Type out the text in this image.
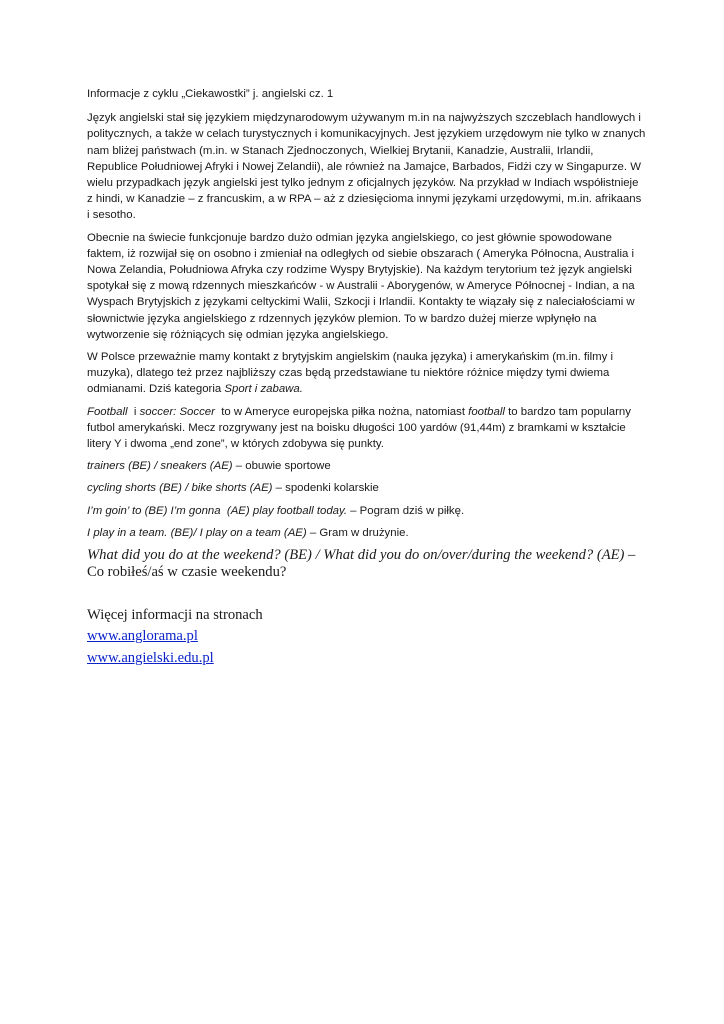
Informacje z cyklu „Ciekawostki” j. angielski cz. 1

Język angielski stał się językiem międzynarodowym używanym m.in na najwyższych szczeblach handlowych i politycznych, a także w celach turystycznych i komunikacyjnych. Jest językiem urzędowym nie tylko w znanych nam bliżej państwach (m.in. w Stanach Zjednoczonych, Wielkiej Brytanii, Kanadzie, Australii, Irlandii, Republice Południowej Afryki i Nowej Zelandii), ale również na Jamajce, Barbados, Fidżi czy w Singapurze. W wielu przypadkach język angielski jest tylko jednym z oficjalnych języków. Na przykład w Indiach współistnieje z hindi, w Kanadzie – z francuskim, a w RPA – aż z dziesięcioma innymi językami urzędowymi, m.in. afrikaans i sesotho.

Obecnie na świecie funkcjonuje bardzo dużo odmian języka angielskiego, co jest głównie spowodowane faktem, iż rozwijał się on osobno i zmieniał na odległych od siebie obszarach ( Ameryka Północna, Australia i Nowa Zelandia, Południowa Afryka czy rodzime Wyspy Brytyjskie). Na każdym terytorium też język angielski spotykał się z mową rdzennych mieszkańców - w Australii - Aborygenów, w Ameryce Północnej - Indian, a na Wyspach Brytyjskich z językami celtyckimi Walii, Szkocji i Irlandii. Kontakty te wiązały się z naleciałościami w słownictwie języka angielskiego z rdzennych języków plemion. To w bardzo dużej mierze wpłynęło na wytworzenie się różniących się odmian języka angielskiego.

W Polsce przeważnie mamy kontakt z brytyjskim angielskim (nauka języka) i amerykańskim (m.in. filmy i muzyka), dlatego też przez najbliższy czas będą przedstawiane tu niektóre różnice między tymi dwiema odmianami. Dziś kategoria Sport i zabawa.

Football  i soccer: Soccer  to w Ameryce europejska piłka nożna, natomiast football to bardzo tam popularny futbol amerykański. Mecz rozgrywany jest na boisku długości 100 yardów (91,44m) z bramkami w kształcie litery Y i dwoma „end zone”, w których zdobywa się punkty.

trainers (BE) / sneakers (AE) – obuwie sportowe

cycling shorts (BE) / bike shorts (AE) – spodenki kolarskie

I’m goin’ to (BE) I’m gonna  (AE) play football today. – Pogram dziś w piłkę.

I play in a team. (BE)/ I play on a team (AE) – Gram w drużynie.

What did you do at the weekend? (BE) / What did you do on/over/during the weekend? (AE) – Co robiłeś/aś w czasie weekendu?

Więcej informacji na stronach

www.anglorama.pl

www.angielski.edu.pl
